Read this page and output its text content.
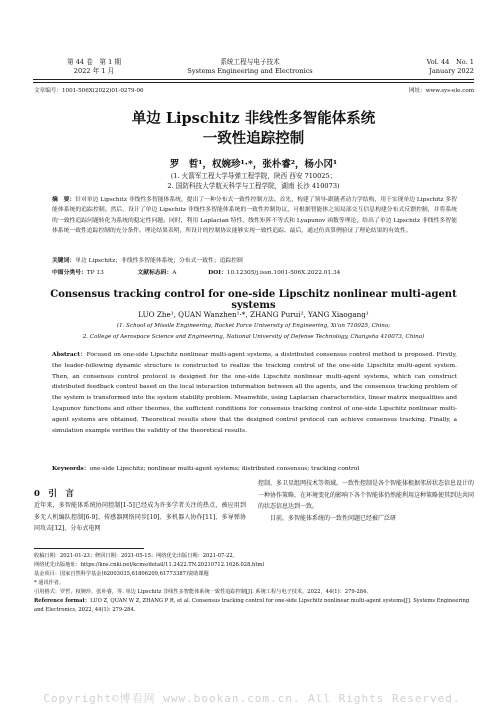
第 44 卷　第 1 期
2022 年 1 月
系统工程与电子技术
Systems Engineering and Electronics
Vol. 44　No. 1
January 2022
文章编号：1001-506X(2022)01-0279-06	网址：www.sys-ele.com
单边 Lipschitz 非线性多智能体系统
一致性追踪控制
罗　哲¹，权婉珍¹·*，张朴睿²，杨小冈¹
(1. 火箭军工程大学导弹工程学院，陕西 西安 710025；
2. 国防科技大学航天科学与工程学院，湖南 长沙 410073)
摘　要：针对单边 Lipschitz 非线性多智能体系统，提出了一种分布式一致性控制方法。首先，构建了领导-跟随者动力学结构，用于实现单边 Lipschitz 多智能体系统的追踪控制。然后，设计了单边 Lipschitz 非线性多智能体系统的一致性控制协议，可根据智能体之间局部交互信息构建分布式反馈控制，并将系统的一致性追踪问题转化为系统的稳定性问题。同时，利用 Laplacian 特性、线性矩阵不等式和 Lyapunov 函数等理论，给出了单边 Lipschitz 非线性多智能体系统一致性追踪控制的充分条件。理论结果表明，所设计的控制协议能够实现一致性追踪。最后，通过仿真算例验证了理论结果的有效性。
关键词：单边 Lipschitz；非线性多智能体系统；分布式一致性；追踪控制
中图分类号：TP 13	文献标志码：A	DOI：10.12305/j.issn.1001-506X.2022.01.34
Consensus tracking control for one-side Lipschitz nonlinear multi-agent systems
LUO Zhe¹, QUAN Wanzhen¹·*, ZHANG Purui², YANG Xiaogang¹
(1. School of Missile Engineering, Rocket Force University of Engineering, Xi'an 710025, China;
2. College of Aerospace Science and Engineering, National University of Defense Technology, Changsha 410073, China)
Abstract：Focused on one-side Lipschitz nonlinear multi-agent systems, a distributed consensus control method is proposed. Firstly, the leader-following dynamic structure is constructed to realize the tracking control of the one-side Lipschitz multi-agent system. Then, an consensus control protocol is designed for the one-side Lipschitz nonlinear multi-agent systems, which can construct distributed feedback control based on the local interaction information between all the agents, and the consensus tracking problem of the system is transformed into the system stability problem. Meanwhile, using Laplacian characteristics, linear matrix inequalities and Lyapunov functions and other theories, the sufficient conditions for consensus tracking control of one-side Lipschitz nonlinear multi-agent systems are obtained. Theoretical results show that the designed control protocol can achieve consensus tracking. Finally, a simulation example verifies the validity of the theoretical results.
Keywords：one-side Lipschitz; nonlinear multi-agent systems; distributed consensus; tracking control
0　引　言
近年来，多智能体系统协同控制[1-5]已经成为许多学者关注的热点，被应用到多无人机编队控制[6-9]、传感器网络同步[10]、多机器人协作[11]、多导弹协同攻击[12]、分布式电网
控制、多卫星组网技术等领域。一致性控制是各个智能体根据邻居状态信息设计的一种协作策略，在环境变化的影响下各个智能体仍然能利用这种策略使其到达共同的状态信息达到一致。
目前，多智能体系统的一致性问题已经被广泛研
收稿日期：2021-01-23；修回日期：2021-05-15；网络优先出版日期：2021-07-22。
网络优先出版地址：https://kns.cnki.net/kcms/detail/11.2422.TN.20210712.1626.028.html
基金项目：国家自然科学基金(62003035,61806209,61773387)资助课题
* 通讯作者。
引用格式：罗哲，权婉珍，张朴睿，等. 单边 Lipschitz 非线性多智能体系统一致性追踪控制[J]. 系统工程与电子技术，2022，44(1)：279-284.
Reference format：LUO Z, QUAN W Z, ZHANG P R, et al. Consensus tracking control for one-side Lipschitz nonlinear multi-agent systems[J]. Systems Engineering and Electronics, 2022, 44(1): 279-284.
Copyright©博看网 www.bookan.com.cn. All Rights Reserved.
